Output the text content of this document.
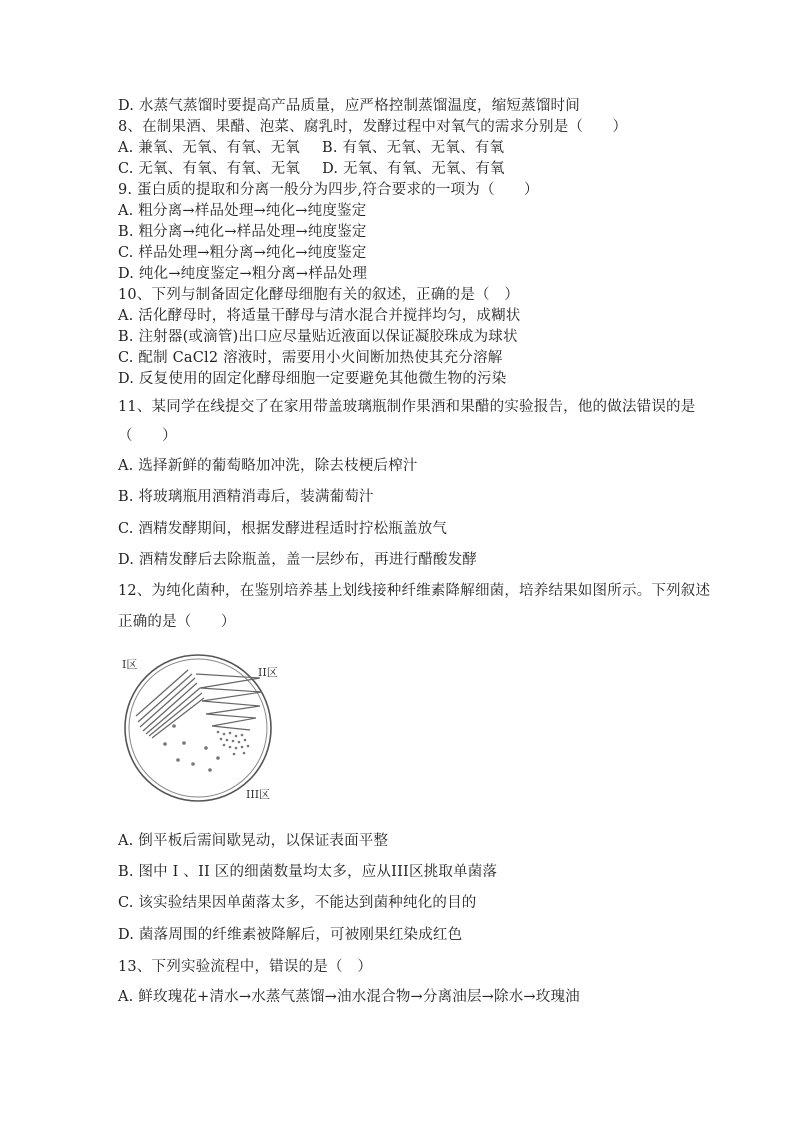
D. 水蒸气蒸馏时要提高产品质量，应严格控制蒸馏温度，缩短蒸馏时间
8、在制果酒、果醋、泡菜、腐乳时，发酵过程中对氧气的需求分别是（　　）
A. 兼氧、无氧、有氧、无氧 B. 有氧、无氧、无氧、有氧
C. 无氧、有氧、有氧、无氧 D. 无氧、有氧、无氧、有氧
9. 蛋白质的提取和分离一般分为四步,符合要求的一项为（　　）
A. 粗分离→样品处理→纯化→纯度鉴定
B. 粗分离→纯化→样品处理→纯度鉴定
C. 样品处理→粗分离→纯化→纯度鉴定
D. 纯化→纯度鉴定→粗分离→样品处理
10、下列与制备固定化酵母细胞有关的叙述，正确的是（　）
A. 活化酵母时，将适量干酵母与清水混合并搅拌均匀，成糊状
B. 注射器(或滴管)出口应尽量贴近液面以保证凝胶珠成为球状
C. 配制 CaCl2 溶液时，需要用小火间断加热使其充分溶解
D. 反复使用的固定化酵母细胞一定要避免其他微生物的污染
11、某同学在线提交了在家用带盖玻璃瓶制作果酒和果醋的实验报告，他的做法错误的是
（　　）
A. 选择新鲜的葡萄略加冲洗，除去枝梗后榨汁
B. 将玻璃瓶用酒精消毒后，装满葡萄汁
C. 酒精发酵期间，根据发酵进程适时拧松瓶盖放气
D. 酒精发酵后去除瓶盖，盖一层纱布，再进行醋酸发酵
12、为纯化菌种，在鉴别培养基上划线接种纤维素降解细菌，培养结果如图所示。下列叙述
正确的是（　　）
I区
II区
III区
A. 倒平板后需间歇晃动，以保证表面平整
B. 图中 I 、II 区的细菌数量均太多，应从III区挑取单菌落
C. 该实验结果因单菌落太多，不能达到菌种纯化的目的
D. 菌落周围的纤维素被降解后，可被刚果红染成红色
13、下列实验流程中，错误的是（　）
A. 鲜玫瑰花+清水→水蒸气蒸馏→油水混合物→分离油层→除水→玫瑰油
